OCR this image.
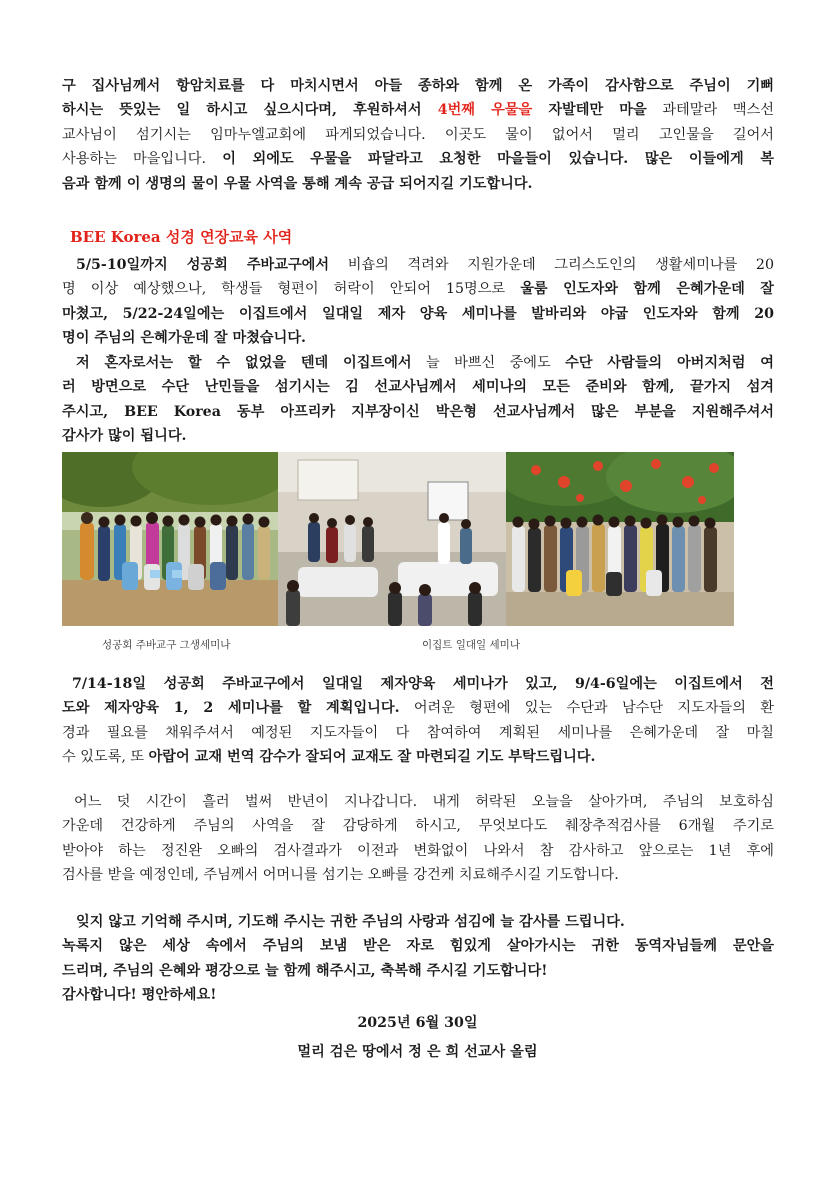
구 집사님께서 항암치료를 다 마치시면서 아들 종하와 함께 온 가족이 감사함으로 주님이 기뻐
하시는 뜻있는 일 하시고 싶으시다며, 후원하셔서 4번째 우물을 자발테만 마을 과테말라 맥스선
교사님이 섬기시는 임마누엘교회에 파게되었습니다. 이곳도 물이 없어서 멀리 고인물을 길어서
사용하는 마을입니다. 이 외에도 우물을 파달라고 요청한 마을들이 있습니다. 많은 이들에게 복
음과 함께 이 생명의 물이 우물 사역을 통해 계속 공급 되어지길 기도합니다.
BEE Korea 성경 연장교육 사역
5/5-10일까지 성공회 주바교구에서 비숍의 격려와 지원가운데 그리스도인의 생활세미나를 20
명 이상 예상했으나, 학생들 형편이 허락이 안되어 15명으로 울룸 인도자와 함께 은혜가운데 잘
마쳤고, 5/22-24일에는 이집트에서 일대일 제자 양육 세미나를 발바리와 야굽 인도자와 함께 20
명이 주님의 은혜가운데 잘 마쳤습니다.
저 혼자로서는 할 수 없었을 텐데 이집트에서 늘 바쁘신 중에도 수단 사람들의 아버지처럼 여
러 방면으로 수단 난민들을 섬기시는 김 선교사님께서 세미나의 모든 준비와 함께, 끝가지 섬겨
주시고, BEE Korea 동부 아프리카 지부장이신 박은형 선교사님께서 많은 부분을 지원해주셔서
감사가 많이 됩니다.
성공회 주바교구 그생세미나	이집트 일대일 세미나
7/14-18일 성공회 주바교구에서 일대일 제자양육 세미나가 있고, 9/4-6일에는 이집트에서 전
도와 제자양육 1, 2 세미나를 할 계획입니다. 어려운 형편에 있는 수단과 남수단 지도자들의 환
경과 필요를 채워주셔서 예정된 지도자들이 다 참여하여 계획된 세미나를 은혜가운데 잘 마칠
수 있도록, 또 아랍어 교재 번역 감수가 잘되어 교재도 잘 마련되길 기도 부탁드립니다.
어느 덧 시간이 흘러 벌써 반년이 지나갑니다. 내게 허락된 오늘을 살아가며, 주님의 보호하심
가운데 건강하게 주님의 사역을 잘 감당하게 하시고, 무엇보다도 췌장추적검사를 6개월 주기로
받아야 하는 정진완 오빠의 검사결과가 이전과 변화없이 나와서 참 감사하고 앞으로는 1년 후에
검사를 받을 예정인데, 주님께서 어머니를 섬기는 오빠를 강건케 치료해주시길 기도합니다.
잊지 않고 기억해 주시며, 기도해 주시는 귀한 주님의 사랑과 섬김에 늘 감사를 드립니다.
녹록지 않은 세상 속에서 주님의 보냄 받은 자로 힘있게 살아가시는 귀한 동역자님들께 문안을
드리며, 주님의 은혜와 평강으로 늘 함께 해주시고, 축복해 주시길 기도합니다!
감사합니다! 평안하세요!
2025년 6월 30일
멀리 검은 땅에서 정 은 희 선교사 올림
